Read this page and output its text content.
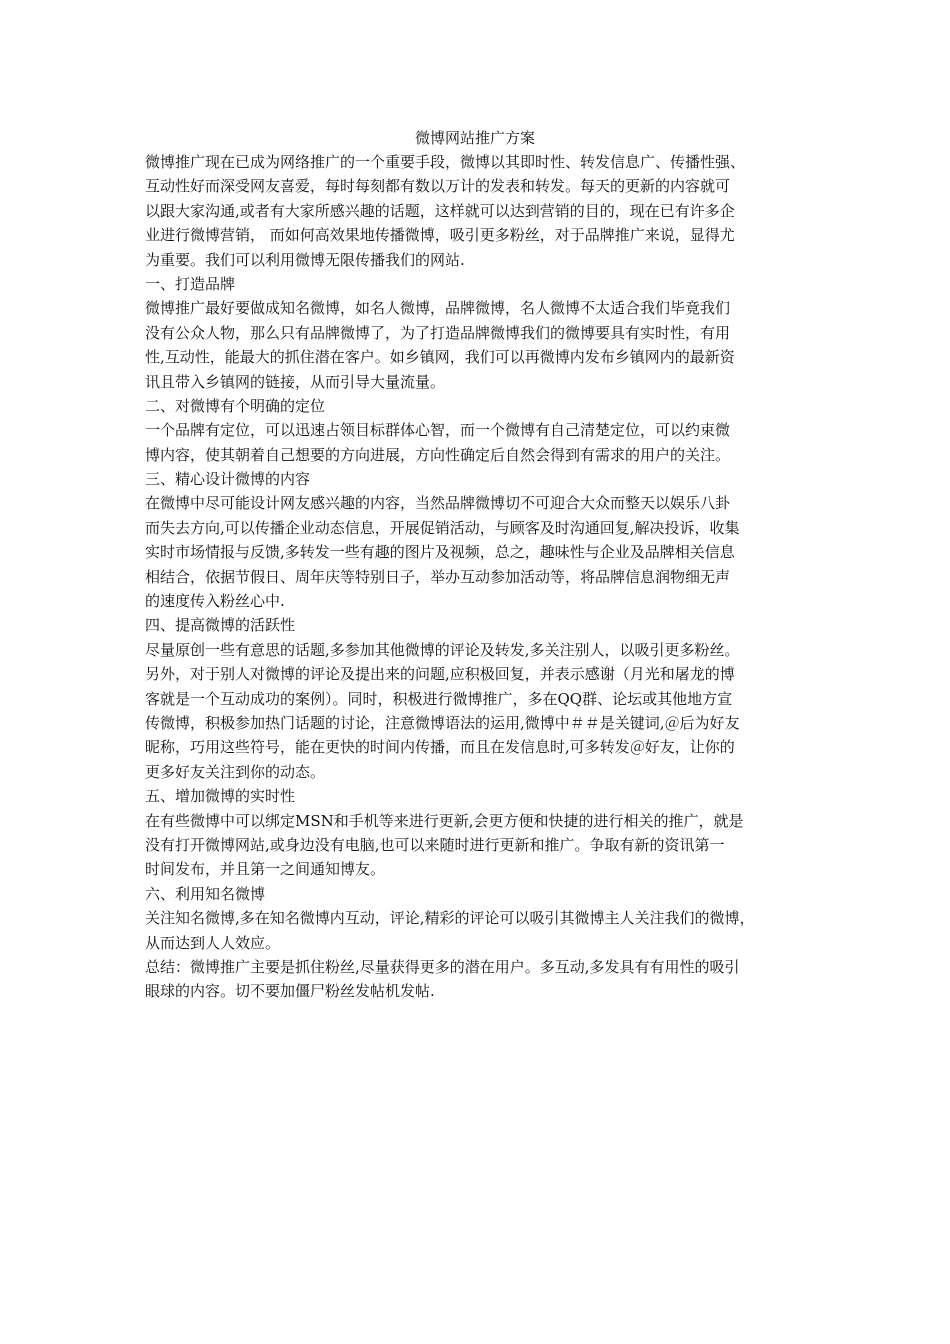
微博网站推广方案
微博推广现在已成为网络推广的一个重要手段，微博以其即时性、转发信息广、传播性强、
互动性好而深受网友喜爱，每时每刻都有数以万计的发表和转发。每天的更新的内容就可
以跟大家沟通,或者有大家所感兴趣的话题，这样就可以达到营销的目的，现在已有许多企
业进行微博营销， 而如何高效果地传播微博，吸引更多粉丝，对于品牌推广来说，显得尤
为重要。我们可以利用微博无限传播我们的网站.
一、打造品牌
微博推广最好要做成知名微博，如名人微博，品牌微博，名人微博不太适合我们毕竟我们
没有公众人物，那么只有品牌微博了，为了打造品牌微博我们的微博要具有实时性，有用
性,互动性，能最大的抓住潜在客户。如乡镇网，我们可以再微博内发布乡镇网内的最新资
讯且带入乡镇网的链接，从而引导大量流量。
二、对微博有个明确的定位
一个品牌有定位，可以迅速占领目标群体心智，而一个微博有自己清楚定位，可以约束微
博内容，使其朝着自己想要的方向进展，方向性确定后自然会得到有需求的用户的关注。
三、精心设计微博的内容
在微博中尽可能设计网友感兴趣的内容，当然品牌微博切不可迎合大众而整天以娱乐八卦
而失去方向,可以传播企业动态信息，开展促销活动，与顾客及时沟通回复,解决投诉，收集
实时市场情报与反馈,多转发一些有趣的图片及视频，总之，趣味性与企业及品牌相关信息
相结合，依据节假日、周年庆等特别日子，举办互动参加活动等，将品牌信息润物细无声
的速度传入粉丝心中.
四、提高微博的活跃性
尽量原创一些有意思的话题,多参加其他微博的评论及转发,多关注别人，以吸引更多粉丝。
另外，对于别人对微博的评论及提出来的问题,应积极回复，并表示感谢（月光和屠龙的博
客就是一个互动成功的案例）。同时，积极进行微博推广，多在QQ群、论坛或其他地方宣
传微博，积极参加热门话题的讨论，注意微博语法的运用,微博中＃＃是关键词,＠后为好友
昵称，巧用这些符号，能在更快的时间内传播，而且在发信息时,可多转发＠好友，让你的
更多好友关注到你的动态。
五、增加微博的实时性
在有些微博中可以绑定MSN和手机等来进行更新,会更方便和快捷的进行相关的推广，就是
没有打开微博网站,或身边没有电脑,也可以来随时进行更新和推广。争取有新的资讯第一
时间发布，并且第一之间通知博友。
六、利用知名微博
关注知名微博,多在知名微博内互动，评论,精彩的评论可以吸引其微博主人关注我们的微博，
从而达到人人效应。
总结：微博推广主要是抓住粉丝,尽量获得更多的潜在用户。多互动,多发具有有用性的吸引
眼球的内容。切不要加僵尸粉丝发帖机发帖.
